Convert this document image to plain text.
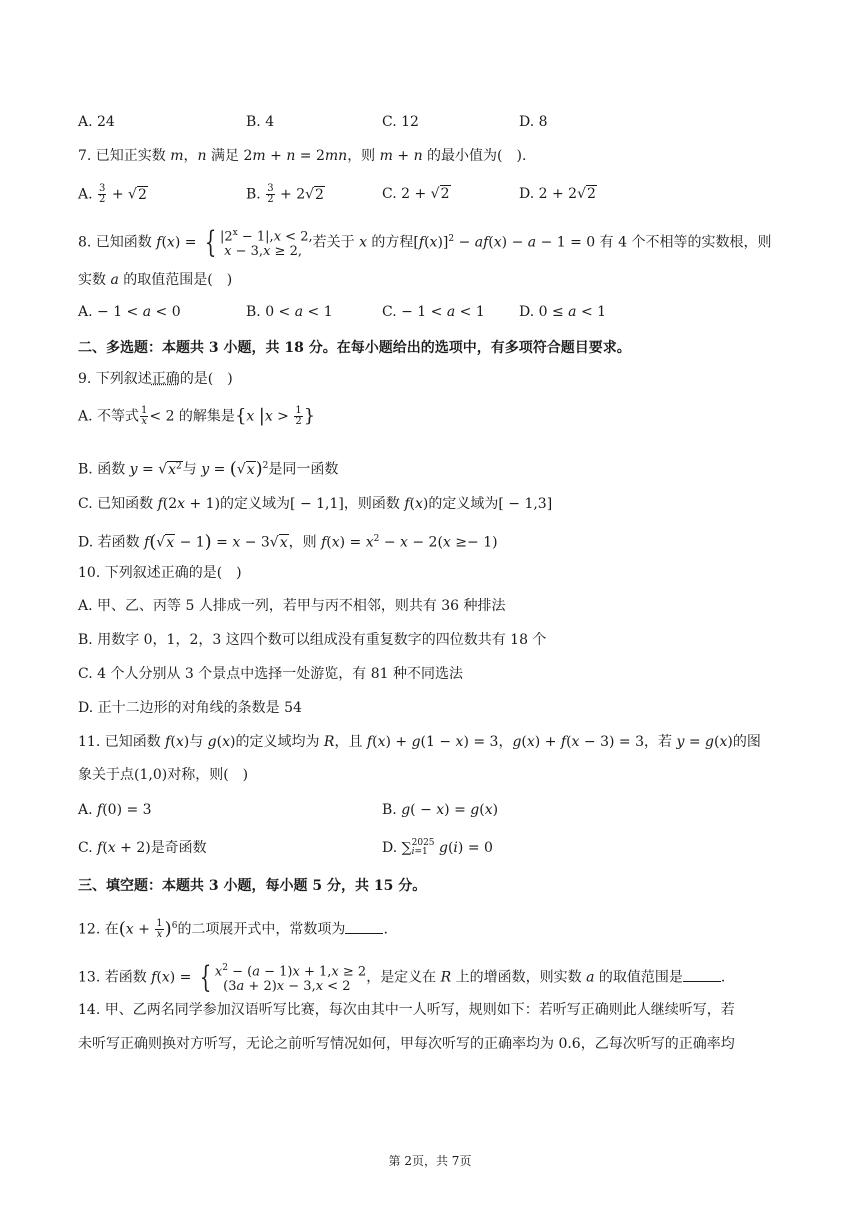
A. 24	B. 4	C. 12	D. 8
7. 已知正实数 m，n 满足 2m + n = 2mn，则 m + n 的最小值为(　).
A. $\frac{3}{2} + √2$	B. $\frac{3}{2} + 2√2$	C. 2 + √2	D. 2 + 2√2
8. 已知函数 f(x) = { $|2^x - 1|,x < 2$,
x − 3,x ≥ 2,
若关于 x 的方程$[f(x)]^2 - af(x) - a - 1 = 0$ 有 4 个不相等的实数根，则
实数 a 的取值范围是(　)
A. − 1 < a < 0	B. 0 < a < 1	C. − 1 < a < 1 D. 0 ≤ a < 1
二、多选题：本题共 3 小题，共 18 分。在每小题给出的选项中，有多项符合题目要求。
9. 下列叙述正确的是(　)
A. 不等式 $\frac{1}{x} < 2$ 的解集是{x $|x > \frac{1}{2}$ }
B. 函数 $y = √x^2$与 $y = (√x)^2$是同一函数
C. 已知函数 f(2x + 1)的定义域为[ − 1,1]，则函数 f(x)的定义域为[ − 1,3]
D. 若函数 f(√x − 1) = x − 3√x，则 $f(x) = x^2 - x - 2(x \ge- 1)$
10. 下列叙述正确的是(　)
A. 甲、乙、丙等 5 人排成一列，若甲与丙不相邻，则共有 36 种排法
B. 用数字 0，1，2，3 这四个数可以组成没有重复数字的四位数共有 18 个
C. 4 个人分别从 3 个景点中选择一处游览，有 81 种不同选法
D. 正十二边形的对角线的条数是 54
11. 已知函数 f(x)与 g(x)的定义域均为 R，且 f(x) + g(1 − x) = 3，g(x) + f(x − 3) = 3，若 y = g(x)的图
象关于点(1,0)对称，则(　)
A. f(0) = 3	B. g( − x) = g(x)
C. f(x + 2)是奇函数	D. ∑ 2025
i=1 g(i) = 0
三、填空题：本题共 3 小题，每小题 5 分，共 15 分。
12. 在$(x + \frac{1}{x} )^6$的二项展开式中，常数项为	.
13. 若函数 f(x) = { $x^2 - (a - 1)x + 1,x \ge 2$
(3a + 2)x − 3,x < 2
，是定义在 R 上的增函数，则实数 a 的取值范围是	.
14. 甲、乙两名同学参加汉语听写比赛，每次由其中一人听写，规则如下：若听写正确则此人继续听写，若
未听写正确则换对方听写，无论之前听写情况如何，甲每次听写的正确率均为 0.6，乙每次听写的正确率均
第 2页，共 7页
